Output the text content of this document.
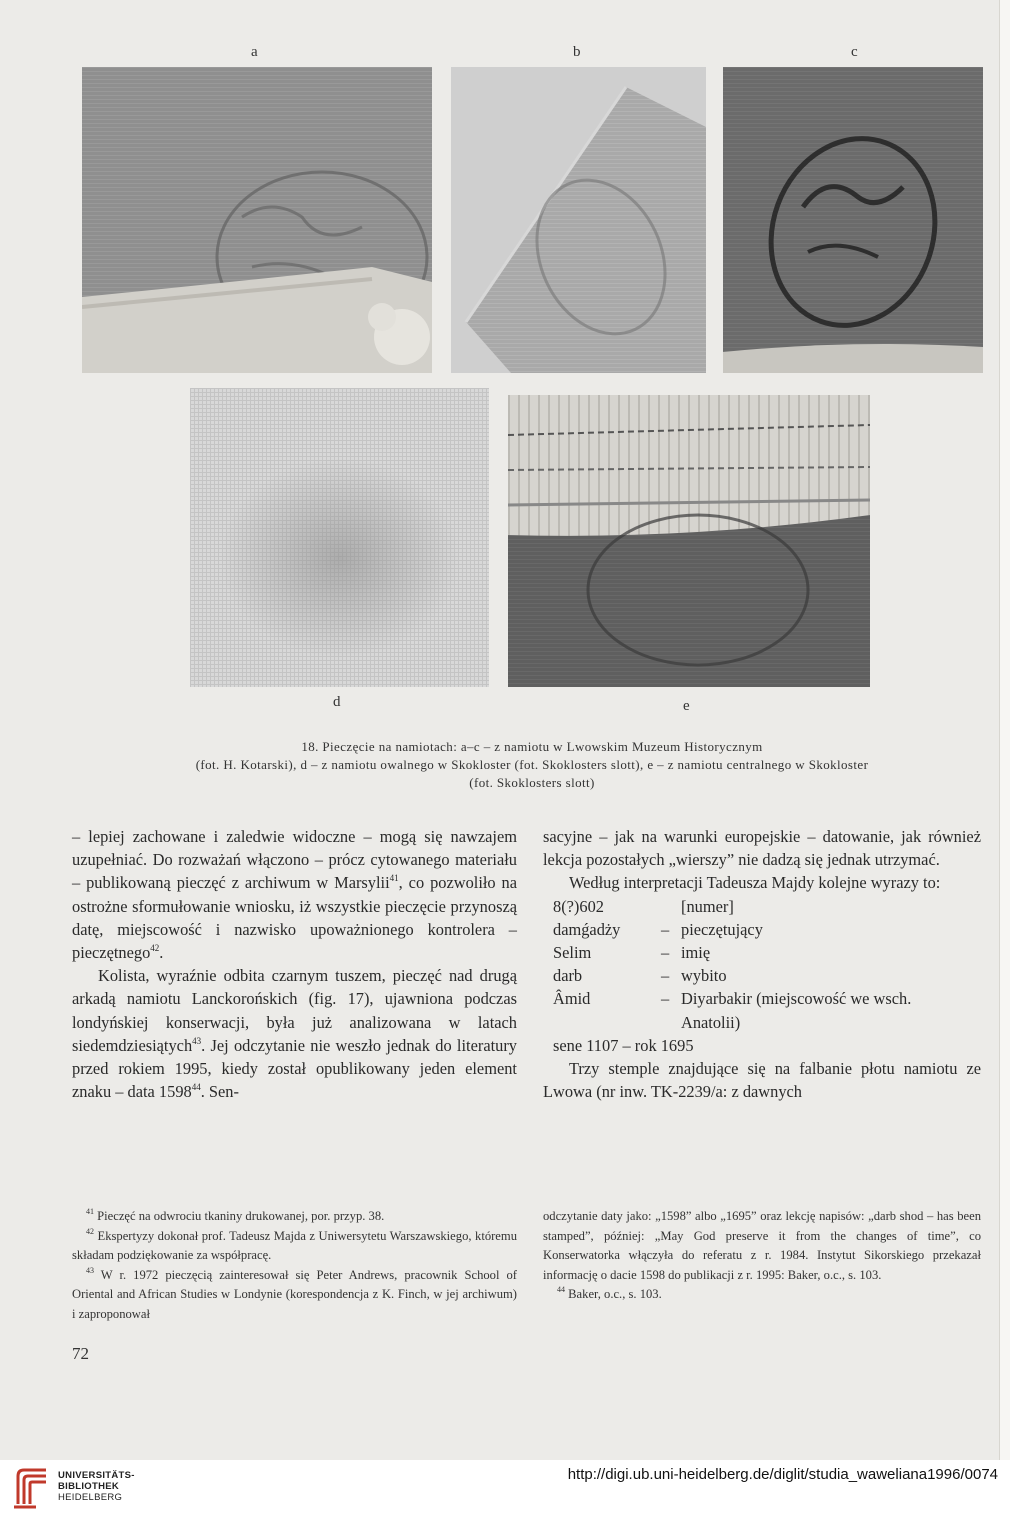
a	b	c
d	e
18. Pieczęcie na namiotach: a–c – z namiotu w Lwowskim Muzeum Historycznym
(fot. H. Kotarski), d – z namiotu owalnego w Skokloster (fot. Skoklosters slott), e – z namiotu centralnego w Skokloster
(fot. Skoklosters slott)

– lepiej zachowane i zaledwie widoczne – mogą się nawzajem uzupełniać. Do rozważań włączono – prócz cytowanego materiału – publikowaną pieczęć z archiwum w Marsylii$^{41}$, co pozwoliło na ostrożne sformułowanie wniosku, iż wszystkie pieczęcie przynoszą datę, miejscowość i nazwisko upoważnionego kontrolera – pieczętnego$^{42}$.

Kolista, wyraźnie odbita czarnym tuszem, pieczęć nad drugą arkadą namiotu Lanckorońskich (fig. 17), ujawniona podczas londyńskiej konserwacji, była już analizowana w latach siedemdziesiątych$^{43}$. Jej odczytanie nie weszło jednak do literatury przed rokiem 1995, kiedy został opublikowany jeden element znaku – data 1598$^{44}$. Sen-

sacyjne – jak na warunki europejskie – datowanie, jak również lekcja pozostałych „wierszy” nie dadzą się jednak utrzymać.

Według interpretacji Tadeusza Majdy kolejne wyrazy to:

8(?)602	[numer]
damǵadży	– pieczętujący
Selim	– imię
darb	– wybito
Âmid	– Diyarbakir (miejscowość we wsch.
Anatolii)
sene 1107 – rok 1695

Trzy stemple znajdujące się na falbanie płotu namiotu ze Lwowa (nr inw. TK-2239/a: z dawnych

$^{41}$ Pieczęć na odwrociu tkaniny drukowanej, por. przyp. 38.

$^{42}$ Ekspertyzy dokonał prof. Tadeusz Majda z Uniwersytetu Warszawskiego, któremu składam podziękowanie za współpracę.

$^{43}$ W r. 1972 pieczęcią zainteresował się Peter Andrews, pracownik School of Oriental and African Studies w Londynie (korespondencja z K. Finch, w jej archiwum) i zaproponował

odczytanie daty jako: „1598” albo „1695” oraz lekcję napisów: „darb shod – has been stamped”, później: „May God preserve it from the changes of time”, co Konserwatorka włączyła do referatu z r. 1984. Instytut Sikorskiego przekazał informację o dacie 1598 do publikacji z r. 1995: Baker, o.c., s. 103.

$^{44}$ Baker, o.c., s. 103.

72
UNIVERSITÄTS-
BIBLIOTHEK
HEIDELBERG
http://digi.ub.uni-heidelberg.de/diglit/studia_waweliana1996/0074
